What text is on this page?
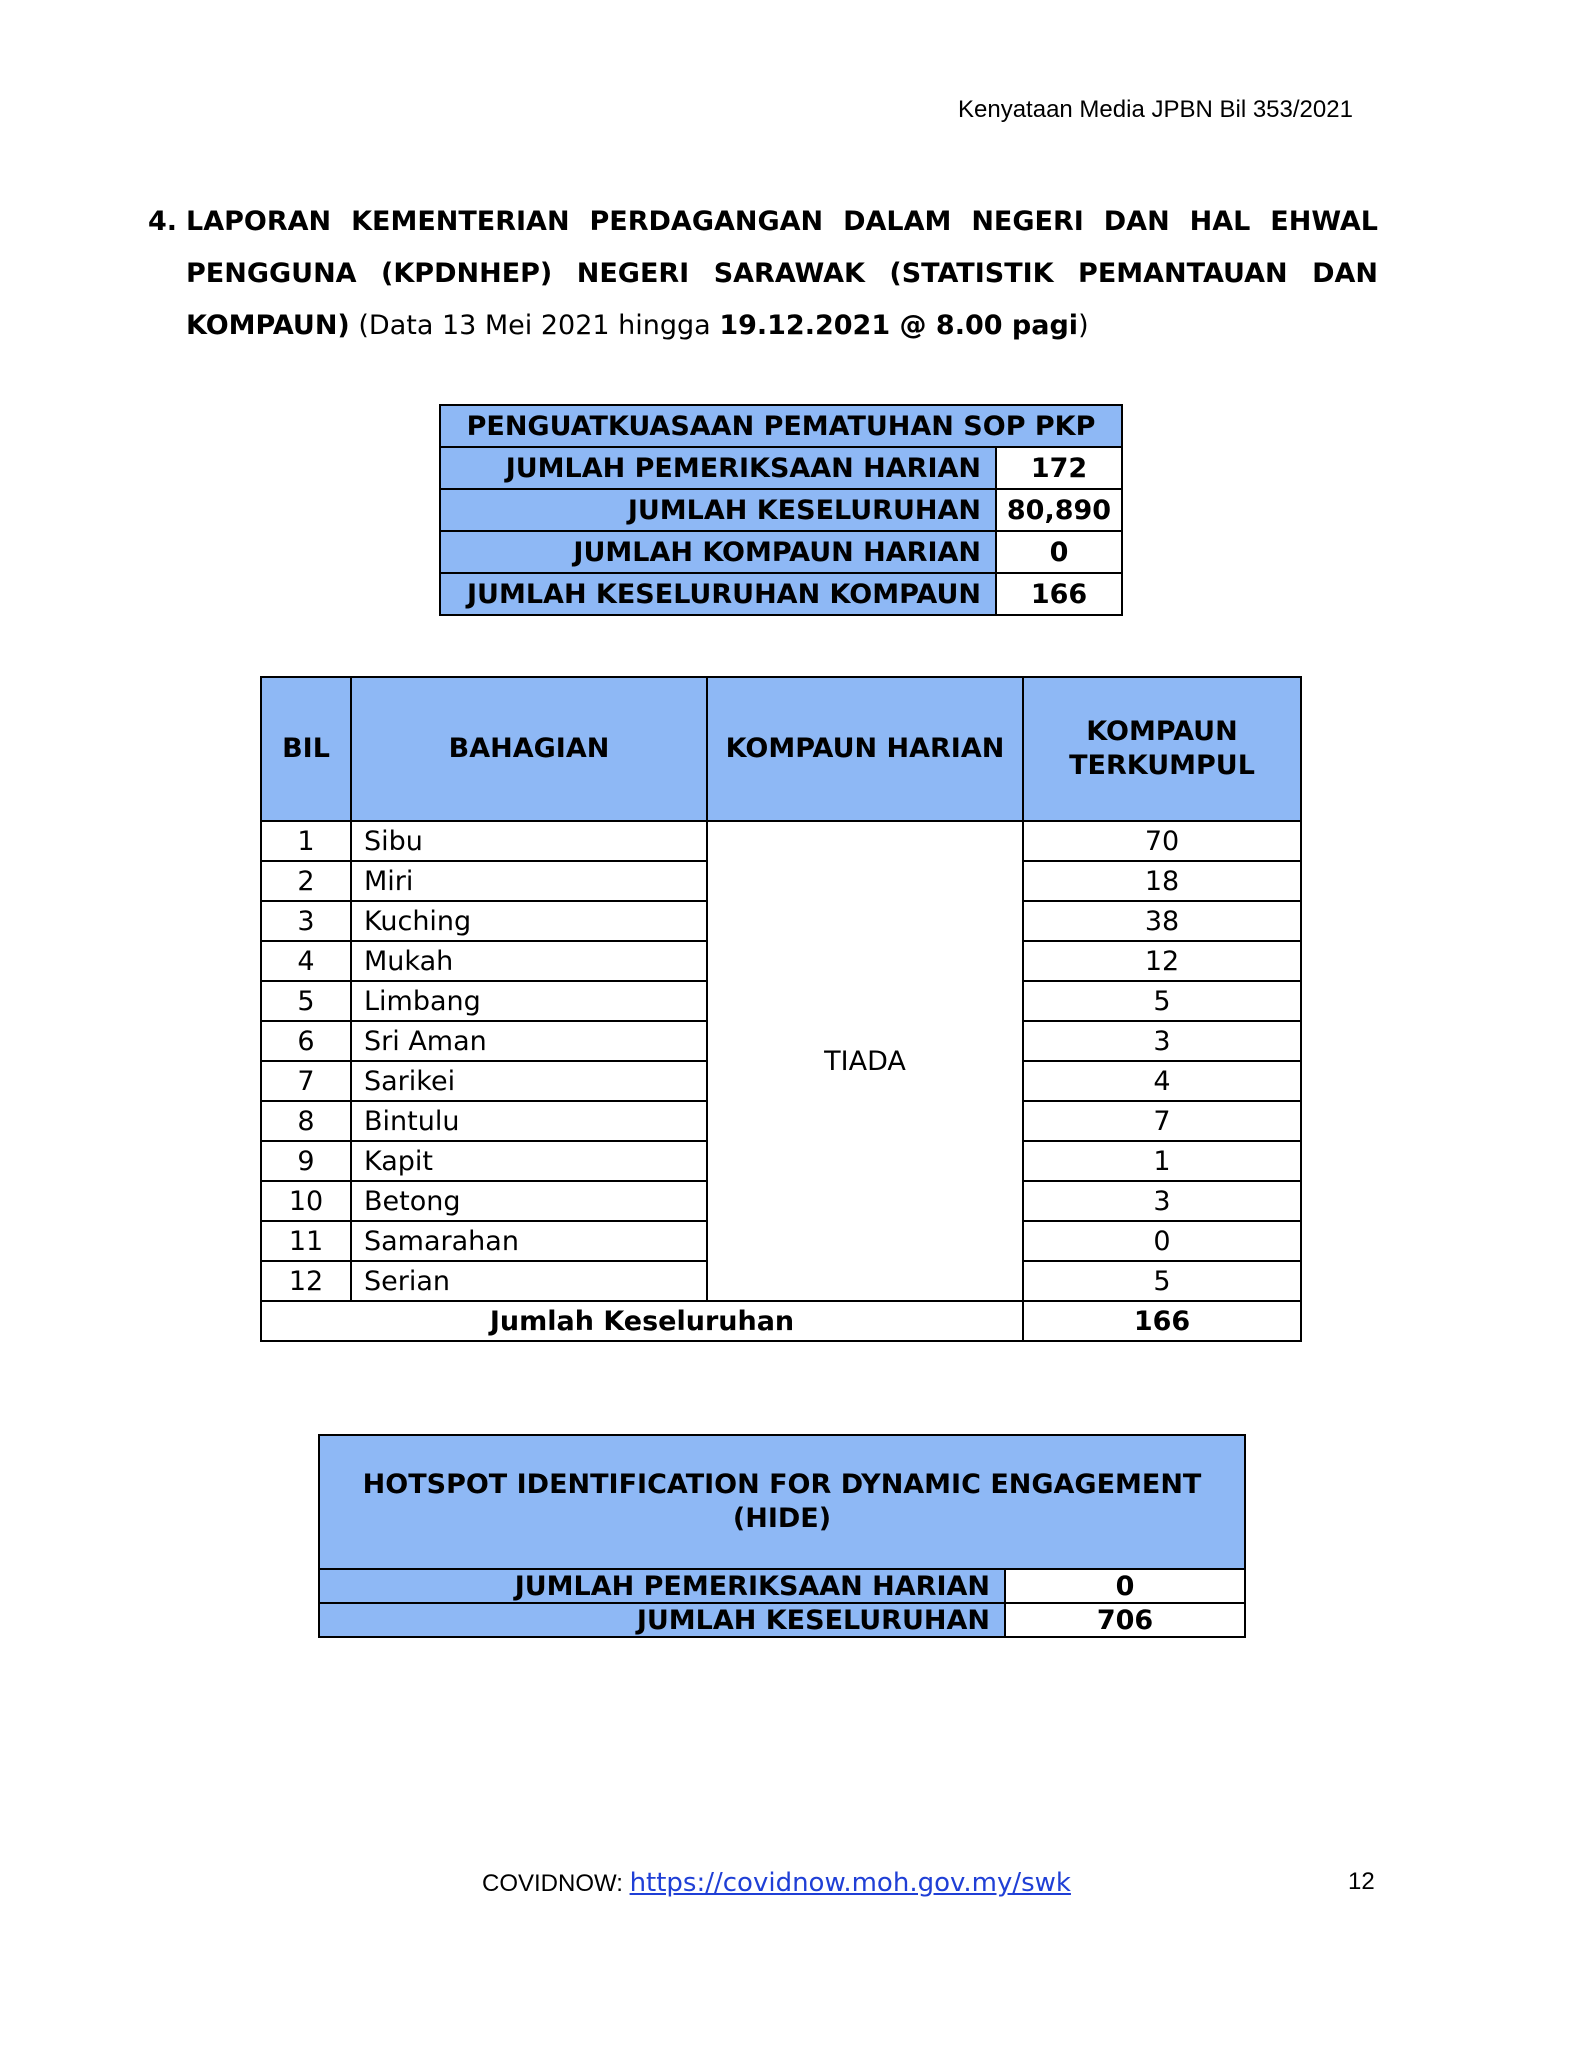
Kenyataan Media JPBN Bil 353/2021
4. LAPORAN KEMENTERIAN PERDAGANGAN DALAM NEGERI DAN HAL EHWAL PENGGUNA (KPDNHEP) NEGERI SARAWAK (STATISTIK PEMANTAUAN DAN KOMPAUN) (Data 13 Mei 2021 hingga 19.12.2021 @ 8.00 pagi)
PENGUATKUASAAN PEMATUHAN SOP PKP	
JUMLAH PEMERIKSAAN HARIAN	172
JUMLAH KESELURUHAN	80,890
JUMLAH KOMPAUN HARIAN	0
JUMLAH KESELURUHAN KOMPAUN	166
BIL	BAHAGIAN	KOMPAUN HARIAN	KOMPAUN TERKUMPUL
1	Sibu	TIADA	70
2	Miri		18
3	Kuching		38
4	Mukah		12
5	Limbang		5
6	Sri Aman		3
7	Sarikei		4
8	Bintulu		7
9	Kapit		1
10	Betong		3
11	Samarahan		0
12	Serian		5
Jumlah Keseluruhan			166
HOTSPOT IDENTIFICATION FOR DYNAMIC ENGAGEMENT (HIDE)	
JUMLAH PEMERIKSAAN HARIAN	0
JUMLAH KESELURUHAN	706
COVIDNOW: https://covidnow.moh.gov.my/swk	12
